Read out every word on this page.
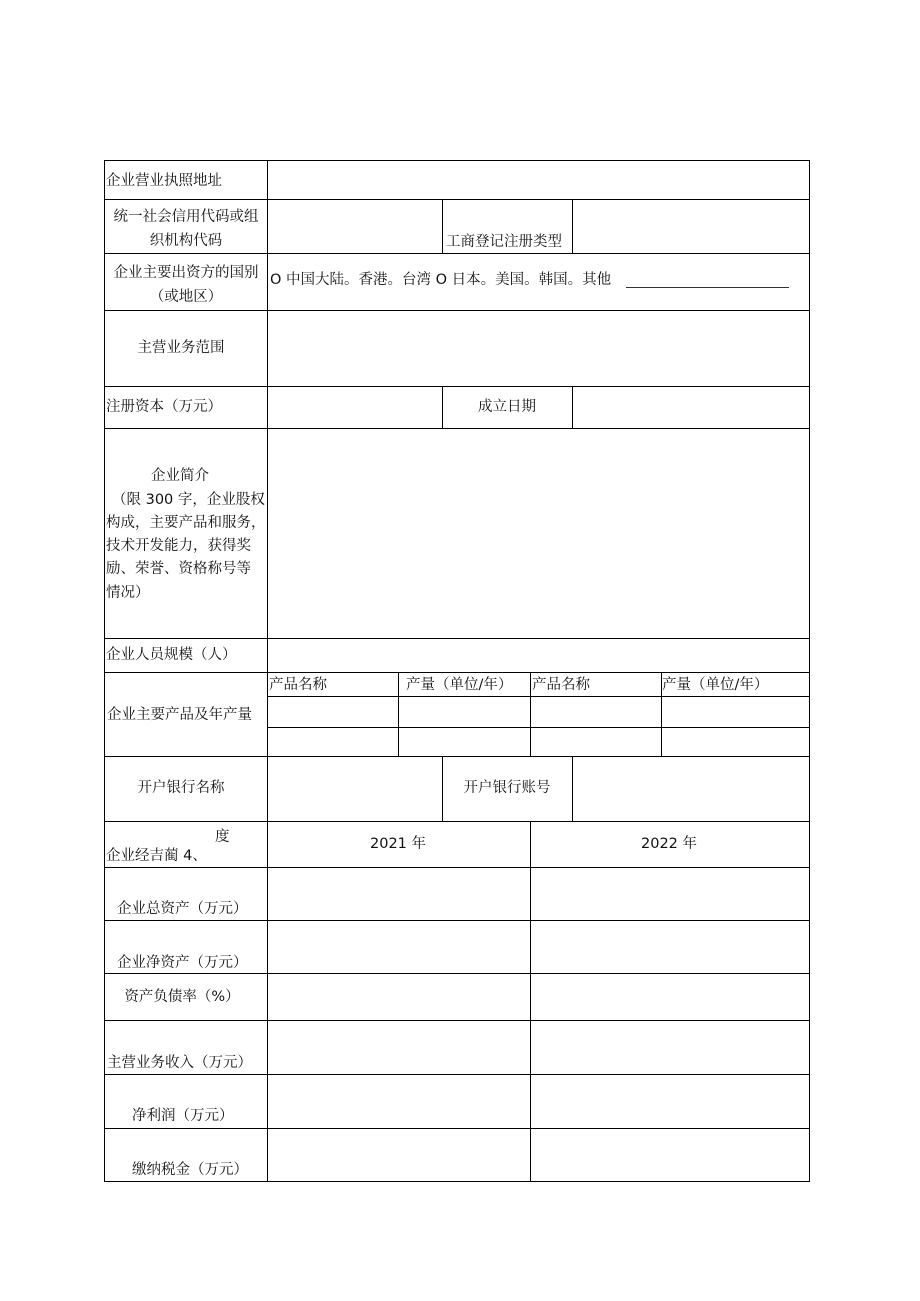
企业营业执照地址
统一社会信用代码或组
织机构代码	工商登记注册类型
企业主要出资方的国别
（或地区）
O 中国大陆。香港。台湾 O 日本。美国。韩国。其他
主营业务范围
注册资本（万元）	成立日期
企业简介
（限 300 字，企业股权
构成，主要产品和服务，
技术开发能力，获得奖
励、荣誉、资格称号等
情况）
企业人员规模（人）
企业主要产品及年产量
产品名称	产量（单位/年） 产品名称	产量（单位/年）
开户银行名称	开户银行账号
度
企业经吉蔺 4、
2021 年	2022 年
企业总资产（万元）
企业净资产（万元）
资产负债率（%）
主营业务收入（万元）
净利润（万元）
缴纳税金（万元）
